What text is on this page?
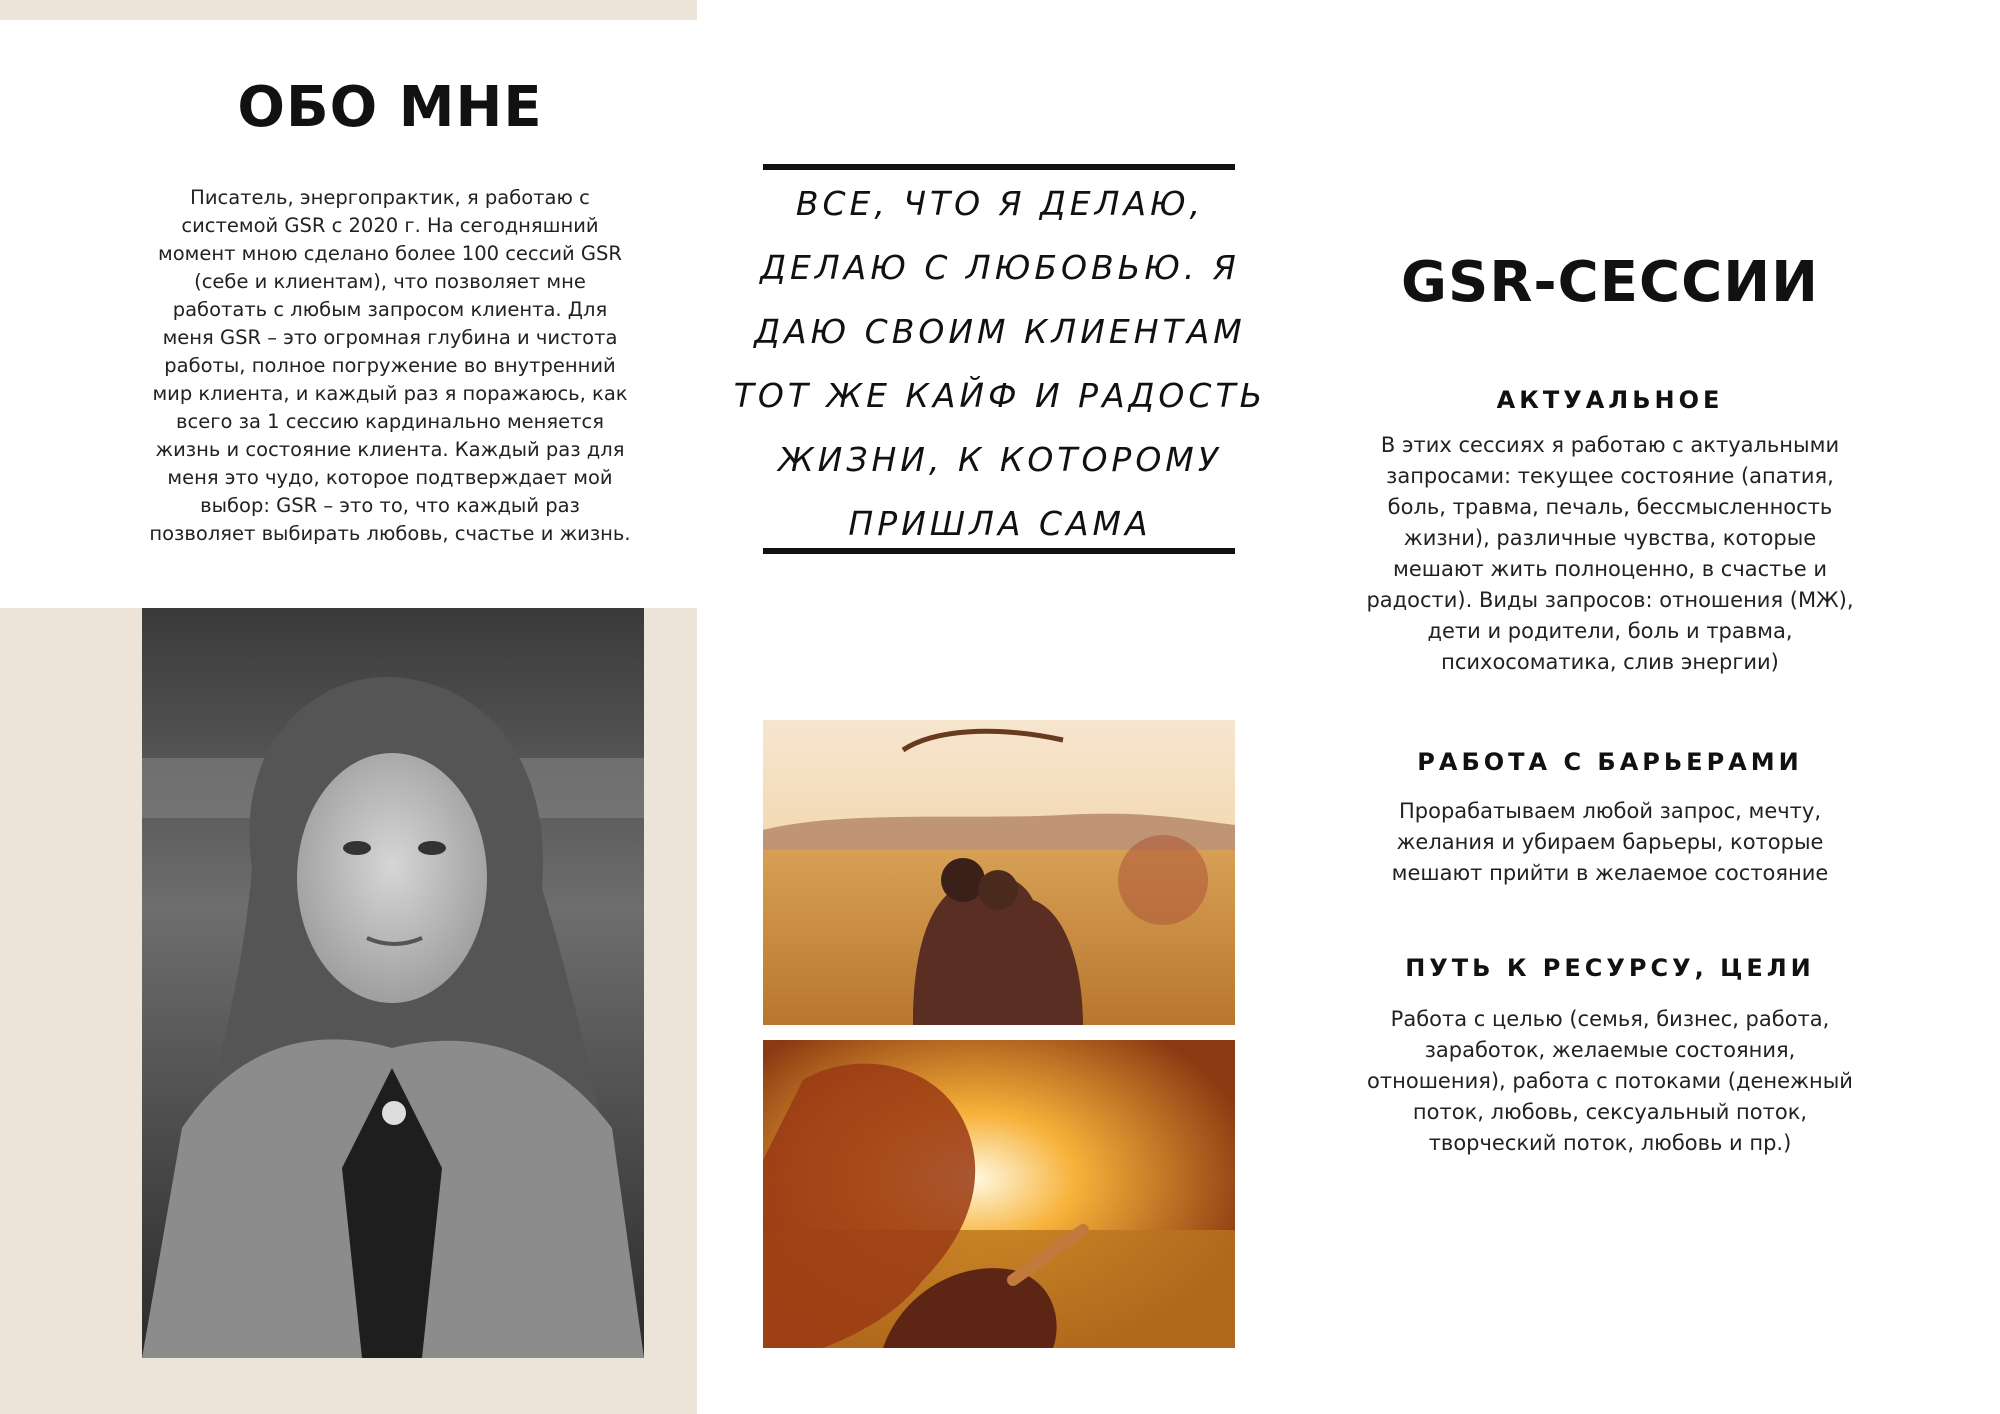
ОБО МНЕ
Писатель, энергопрактик, я работаю с системой GSR с 2020 г. На сегодняшний момент мною сделано более 100 сессий GSR (себе и клиентам), что позволяет мне работать с любым запросом клиента. Для меня GSR – это огромная глубина и чистота работы, полное погружение во внутренний мир клиента, и каждый раз я поражаюсь, как всего за 1 сессию кардинально меняется жизнь и состояние клиента. Каждый раз для меня это чудо, которое подтверждает мой выбор: GSR – это то, что каждый раз позволяет выбирать любовь, счастье и жизнь.
ВСЕ, ЧТО Я ДЕЛАЮ, ДЕЛАЮ С ЛЮБОВЬЮ. Я ДАЮ СВОИМ КЛИЕНТАМ ТОТ ЖЕ КАЙФ И РАДОСТЬ ЖИЗНИ, К КОТОРОМУ ПРИШЛА САМА
GSR-СЕССИИ
АКТУАЛЬНОЕ
В этих сессиях я работаю с актуальными запросами: текущее состояние (апатия, боль, травма, печаль, бессмысленность жизни), различные чувства, которые мешают жить полноценно, в счастье и радости). Виды запросов: отношения (МЖ), дети и родители, боль и травма, психосоматика, слив энергии)
РАБОТА С БАРЬЕРАМИ
Прорабатываем любой запрос, мечту, желания и убираем барьеры, которые мешают прийти в желаемое состояние
ПУТЬ К РЕСУРСУ, ЦЕЛИ
Работа с целью (семья, бизнес, работа, заработок, желаемые состояния, отношения), работа с потоками (денежный поток, любовь, сексуальный поток, творческий поток, любовь и пр.)
